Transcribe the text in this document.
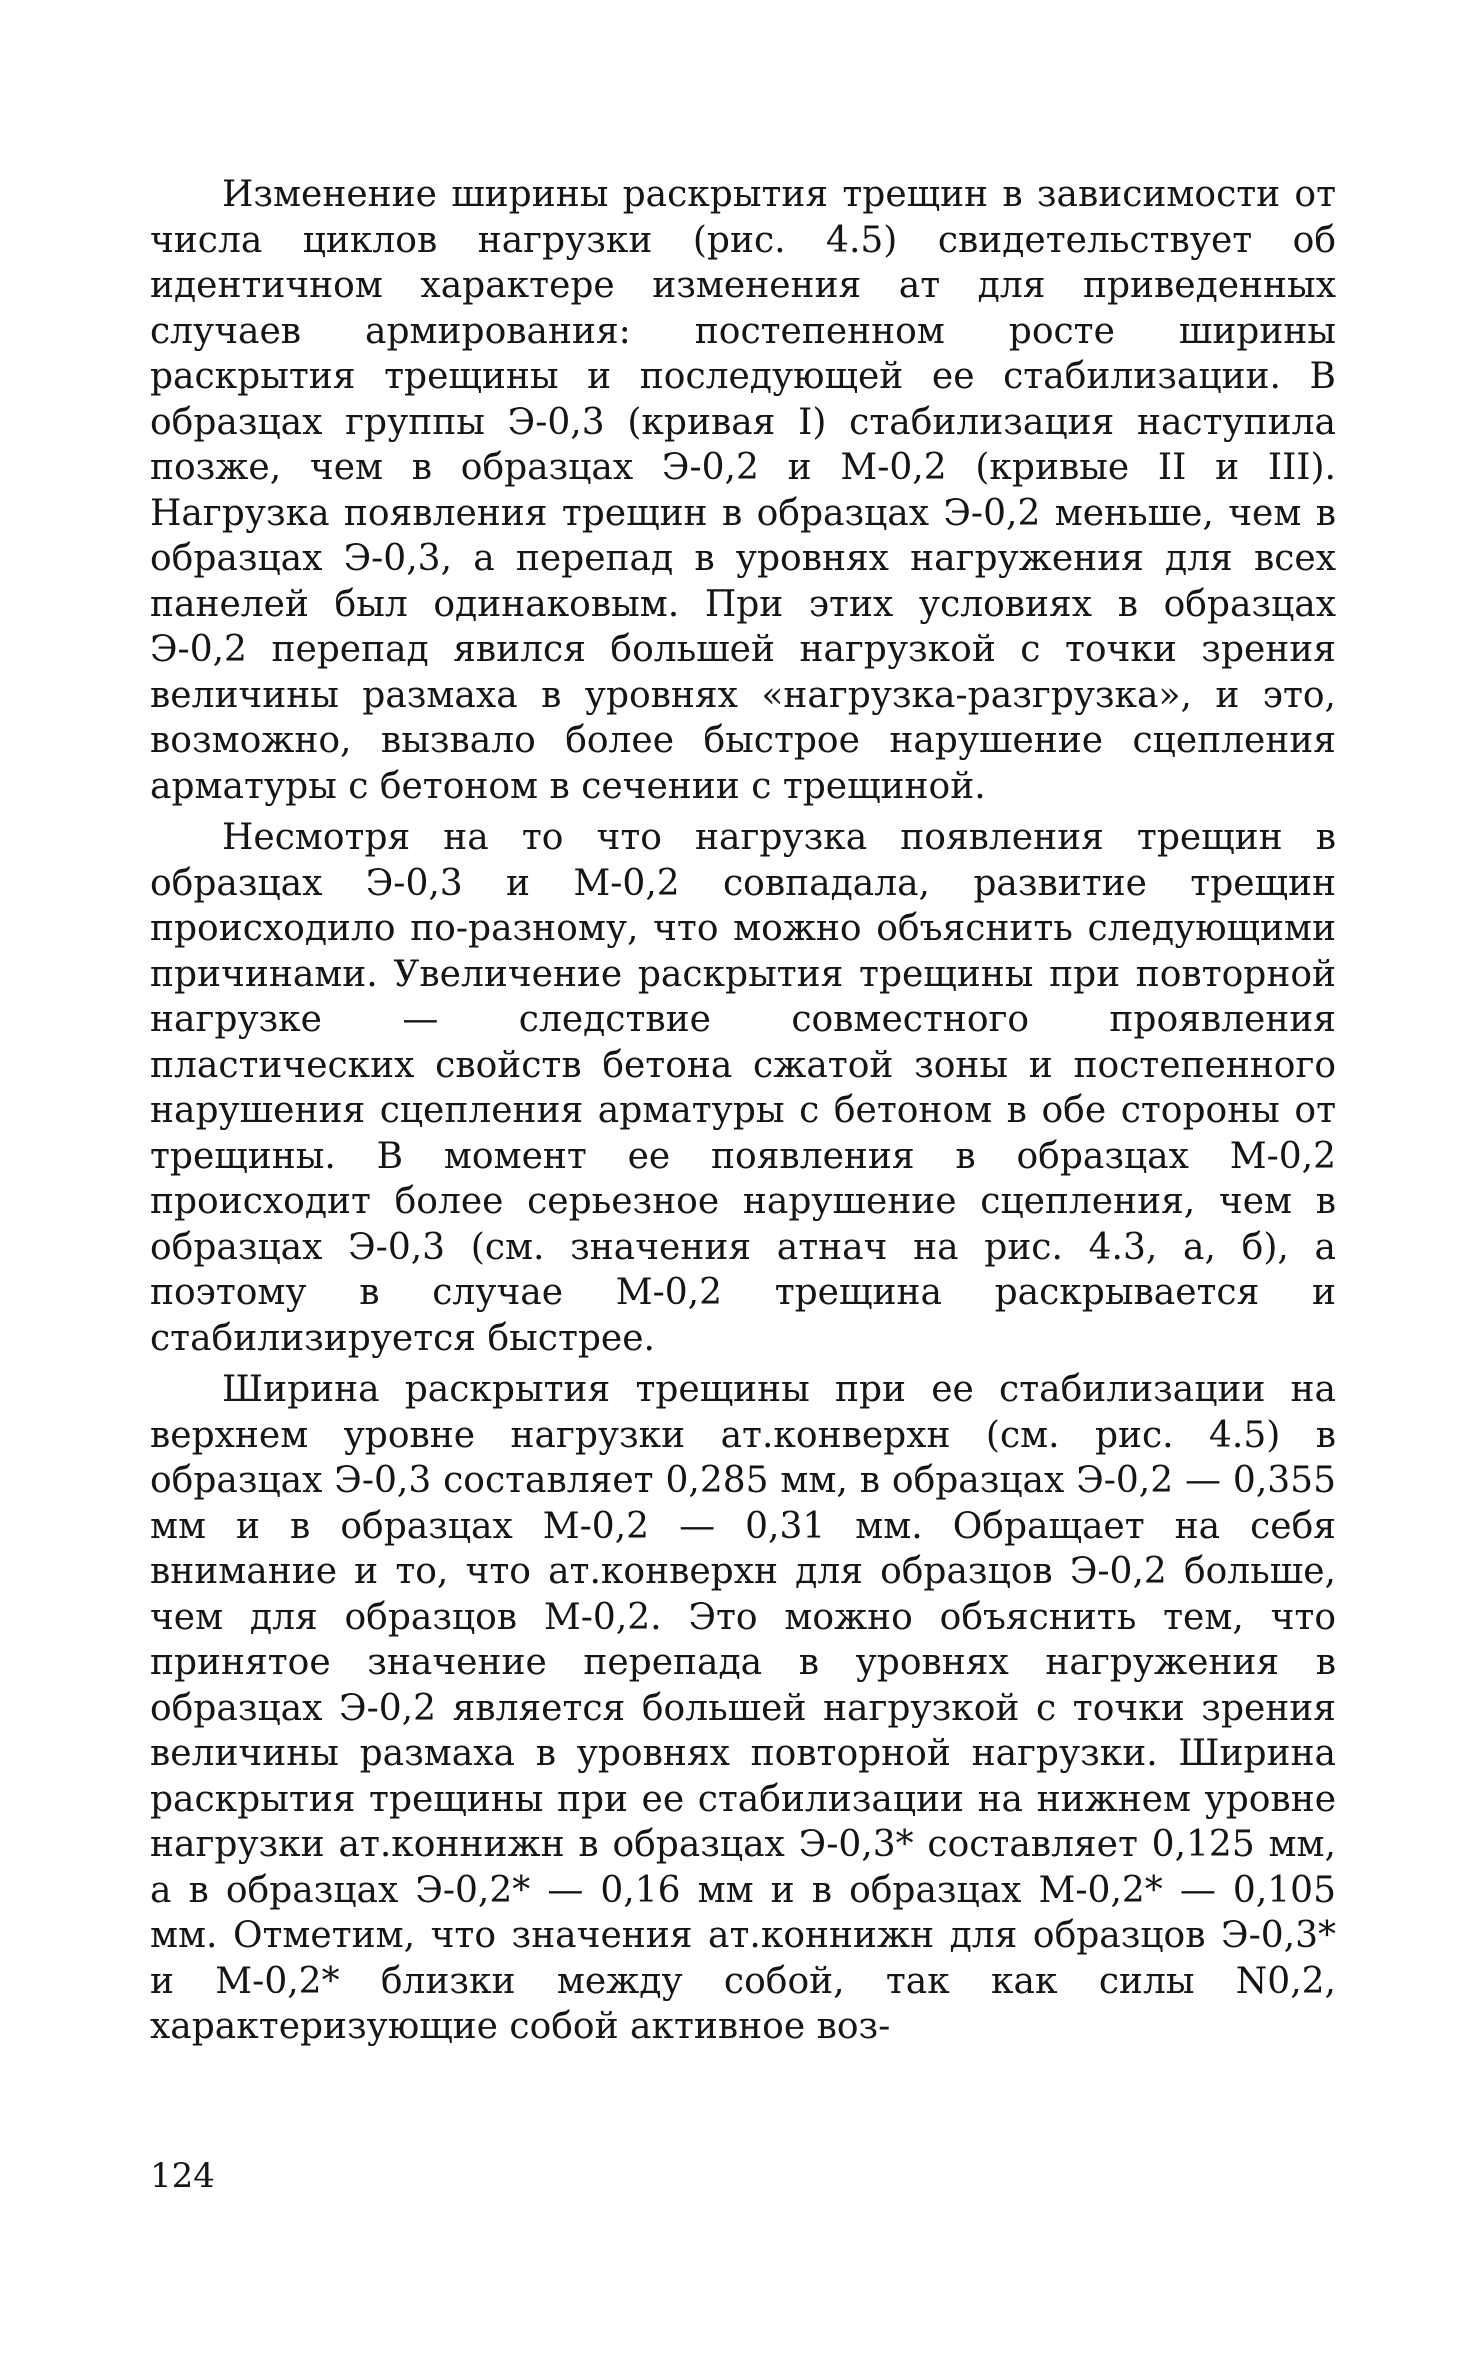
Изменение ширины раскрытия трещин в зависимости от числа циклов нагрузки (рис. 4.5) свидетельствует об идентичном характере изменения aт для приведенных случаев армирования: постепенном росте ширины раскрытия трещины и последующей ее стабилизации. В образцах группы Э-0,3 (кривая I) стабилизация наступила позже, чем в образцах Э-0,2 и М-0,2 (кривые II и III). Нагрузка появления трещин в образцах Э-0,2 меньше, чем в образцах Э-0,3, а перепад в уровнях нагружения для всех панелей был одинаковым. При этих условиях в образцах Э-0,2 перепад явился большей нагрузкой с точки зрения величины размаха в уровнях «нагрузка-разгрузка», и это, возможно, вызвало более быстрое нарушение сцепления арматуры с бетоном в сечении с трещиной.

Несмотря на то что нагрузка появления трещин в образцах Э-0,3 и М-0,2 совпадала, развитие трещин происходило по-разному, что можно объяснить следующими причинами. Увеличение раскрытия трещины при повторной нагрузке — следствие совместного проявления пластических свойств бетона сжатой зоны и постепенного нарушения сцепления арматуры с бетоном в обе стороны от трещины. В момент ее появления в образцах М-0,2 происходит более серьезное нарушение сцепления, чем в образцах Э-0,3 (см. значения aтнач на рис. 4.3, а, б), а поэтому в случае М-0,2 трещина раскрывается и стабилизируется быстрее.

Ширина раскрытия трещины при ее стабилизации на верхнем уровне нагрузки aт.конверхн (см. рис. 4.5) в образцах Э-0,3 составляет 0,285 мм, в образцах Э-0,2 — 0,355 мм и в образцах М-0,2 — 0,31 мм. Обращает на себя внимание и то, что aт.конверхн для образцов Э-0,2 больше, чем для образцов М-0,2. Это можно объяснить тем, что принятое значение перепада в уровнях нагружения в образцах Э-0,2 является большей нагрузкой с точки зрения величины размаха в уровнях повторной нагрузки. Ширина раскрытия трещины при ее стабилизации на нижнем уровне нагрузки aт.коннижн в образцах Э-0,3* составляет 0,125 мм, а в образцах Э-0,2* — 0,16 мм и в образцах М-0,2* — 0,105 мм. Отметим, что значения aт.коннижн для образцов Э-0,3* и М-0,2* близки между собой, так как силы N0,2, характеризующие собой активное воз-

124
